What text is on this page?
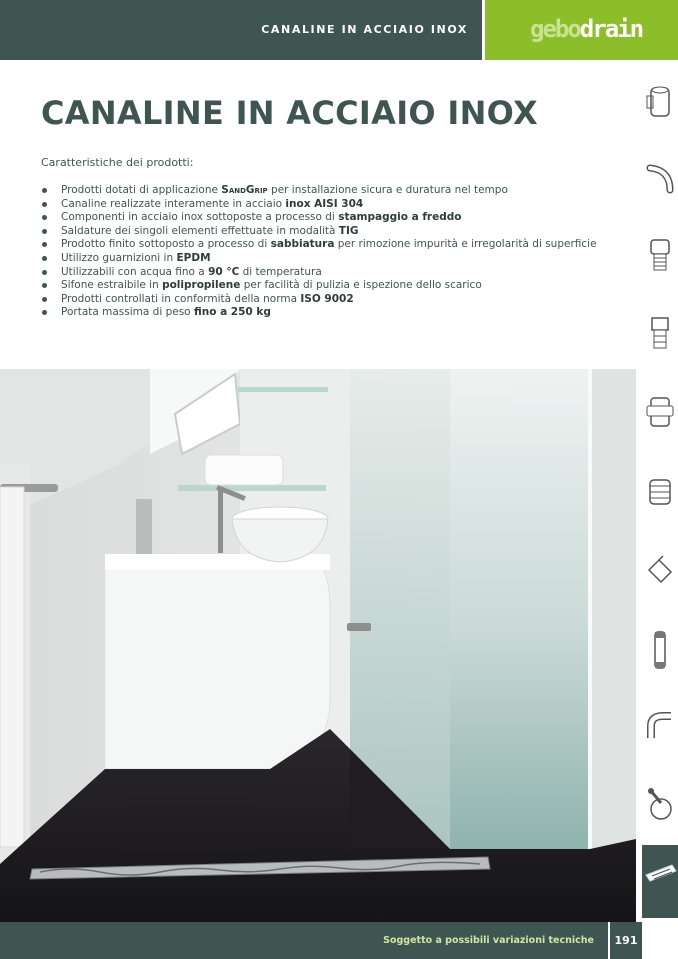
CANALINE IN ACCIAIO INOX	gebodrain
CANALINE IN ACCIAIO INOX
Caratteristiche dei prodotti:
Prodotti dotati di applicazione SandGrip per installazione sicura e duratura nel tempo
Canaline realizzate interamente in acciaio inox AISI 304
Componenti in acciaio inox sottoposte a processo di stampaggio a freddo
Saldature dei singoli elementi effettuate in modalità TIG
Prodotto finito sottoposto a processo di sabbiatura per rimozione impurità e irregolarità di superficie
Utilizzo guarnizioni in EPDM
Utilizzabili con acqua fino a 90 °C di temperatura
Sifone estraibile in polipropilene per facilità di pulizia e ispezione dello scarico
Prodotti controllati in conformità della norma ISO 9002
Portata massima di peso fino a 250 kg
Soggetto a possibili variazioni tecniche	191
